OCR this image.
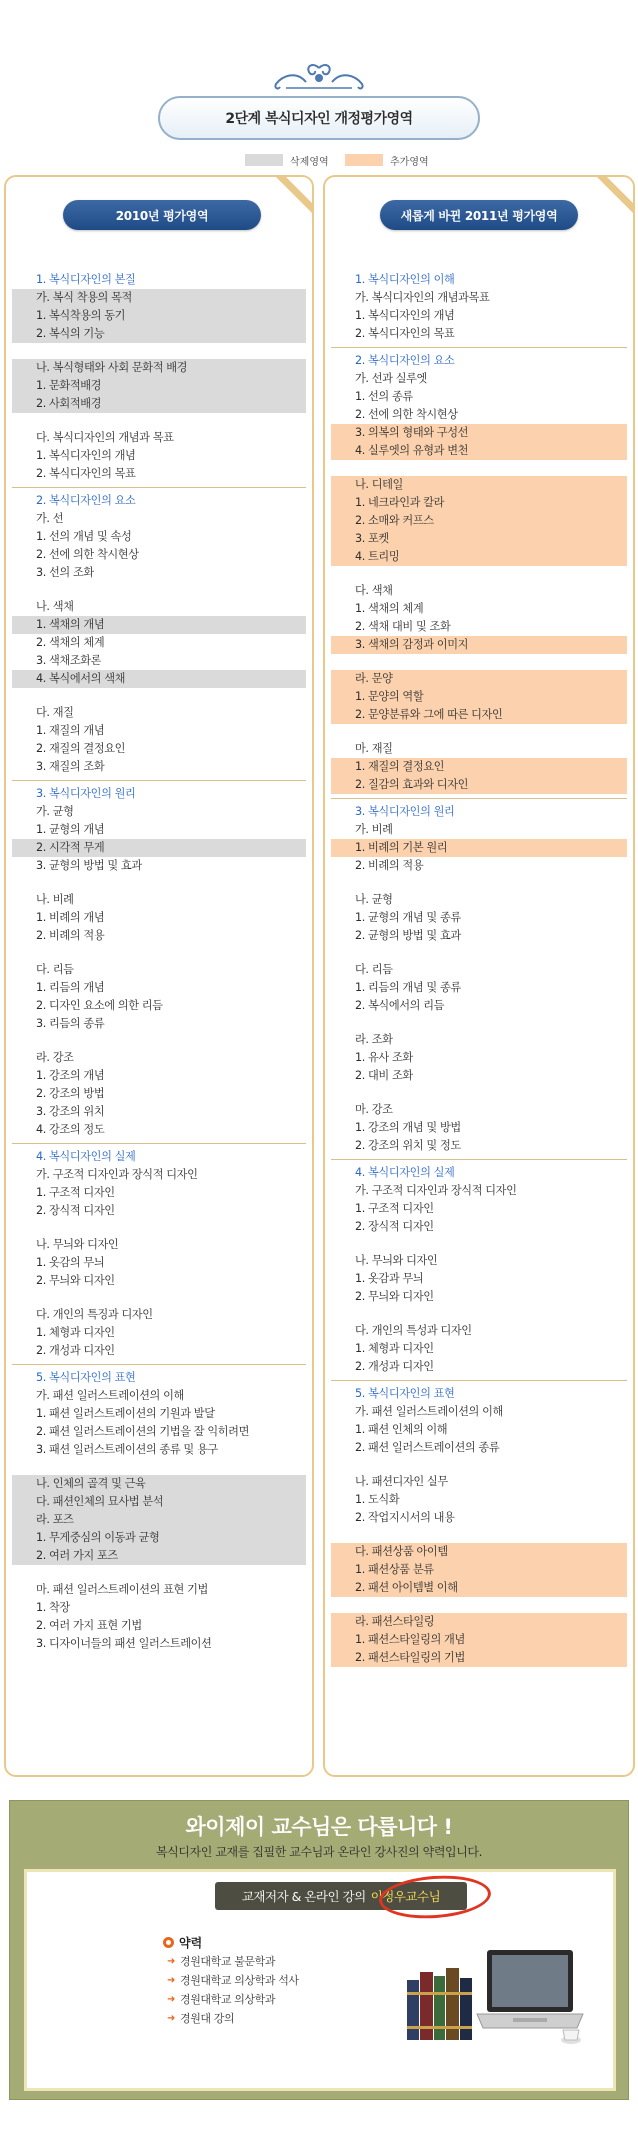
2단계 복식디자인 개정평가영역
삭제영역	추가영역
2010년 평가영역
1. 복식디자인의 본질
가. 복식 착용의 목적
1. 복식착용의 동기
2. 복식의 기능
나. 복식형태와 사회 문화적 배경
1. 문화적배경
2. 사회적배경
다. 복식디자인의 개념과 목표
1. 복식디자인의 개념
2. 복식디자인의 목표
2. 복식디자인의 요소
가. 선
1. 선의 개념 및 속성
2. 선에 의한 착시현상
3. 선의 조화
나. 색채
1. 색채의 개념
2. 색채의 체계
3. 색채조화론
4. 복식에서의 색채
다. 재질
1. 재질의 개념
2. 재질의 결정요인
3. 재질의 조화
3. 복식디자인의 원리
가. 균형
1. 균형의 개념
2. 시각적 무게
3. 균형의 방법 및 효과
나. 비례
1. 비례의 개념
2. 비례의 적용
다. 리듬
1. 리듬의 개념
2. 디자인 요소에 의한 리듬
3. 리듬의 종류
라. 강조
1. 강조의 개념
2. 강조의 방법
3. 강조의 위치
4. 강조의 정도
4. 복식디자인의 실제
가. 구조적 디자인과 장식적 디자인
1. 구조적 디자인
2. 장식적 디자인
나. 무늬와 디자인
1. 옷감의 무늬
2. 무늬와 디자인
다. 개인의 특징과 디자인
1. 체형과 디자인
2. 개성과 디자인
5. 복식디자인의 표현
가. 패션 일러스트레이션의 이해
1. 패션 일러스트레이션의 기원과 발달
2. 패션 일러스트레이션의 기법을 잘 익히려면
3. 패션 일러스트레이션의 종류 및 용구
나. 인체의 골격 및 근육
다. 패션인체의 묘사법 분석
라. 포즈
1. 무게중심의 이동과 균형
2. 여러 가지 포즈
마. 패션 일러스트레이션의 표현 기법
1. 착장
2. 여러 가지 표현 기법
3. 디자이너들의 패션 일러스트레이션
새롭게 바뀐 2011년 평가영역
1. 복식디자인의 이해
가. 복식디자인의 개념과목표
1. 복식디자인의 개념
2. 복식디자인의 목표
2. 복식디자인의 요소
가. 선과 실루엣
1. 선의 종류
2. 선에 의한 착시현상
3. 의복의 형태와 구성선
4. 실루엣의 유형과 변천
나. 디테일
1. 네크라인과 칼라
2. 소매와 커프스
3. 포켓
4. 트리밍
다. 색채
1. 색채의 체계
2. 색채 대비 및 조화
3. 색채의 감정과 이미지
라. 문양
1. 문양의 역할
2. 문양분류와 그에 따른 디자인
마. 재질
1. 재질의 결정요인
2. 질감의 효과와 디자인
3. 복식디자인의 원리
가. 비례
1. 비례의 기본 원리
2. 비례의 적용
나. 균형
1. 균형의 개념 및 종류
2. 균형의 방법 및 효과
다. 리듬
1. 리듬의 개념 및 종류
2. 복식에서의 리듬
라. 조화
1. 유사 조화
2. 대비 조화
마. 강조
1. 강조의 개념 및 방법
2. 강조의 위치 및 정도
4. 복식디자인의 실제
가. 구조적 디자인과 장식적 디자인
1. 구조적 디자인
2. 장식적 디자인
나. 무늬와 디자인
1. 옷감과 무늬
2. 무늬와 디자인
다. 개인의 특성과 디자인
1. 체형과 디자인
2. 개성과 디자인
5. 복식디자인의 표현
가. 패션 일러스트레이션의 이해
1. 패션 인체의 이해
2. 패션 일러스트레이션의 종류
나. 패션디자인 실무
1. 도식화
2. 작업지시서의 내용
다. 패션상품 아이템
1. 패션상품 분류
2. 패션 아이템별 이해
라. 패션스타일링
1. 패션스타일링의 개념
2. 패션스타일링의 기법
와이제이 교수님은 다릅니다 !
복식디자인 교재를 집필한 교수님과 온라인 강사진의 약력입니다.
교재저자 & 온라인 강의 이정우교수님
약력
➜ 경원대학교 불문학과
➜ 경원대학교 의상학과 석사
➜ 경원대학교 의상학과
➜ 경원대 강의
